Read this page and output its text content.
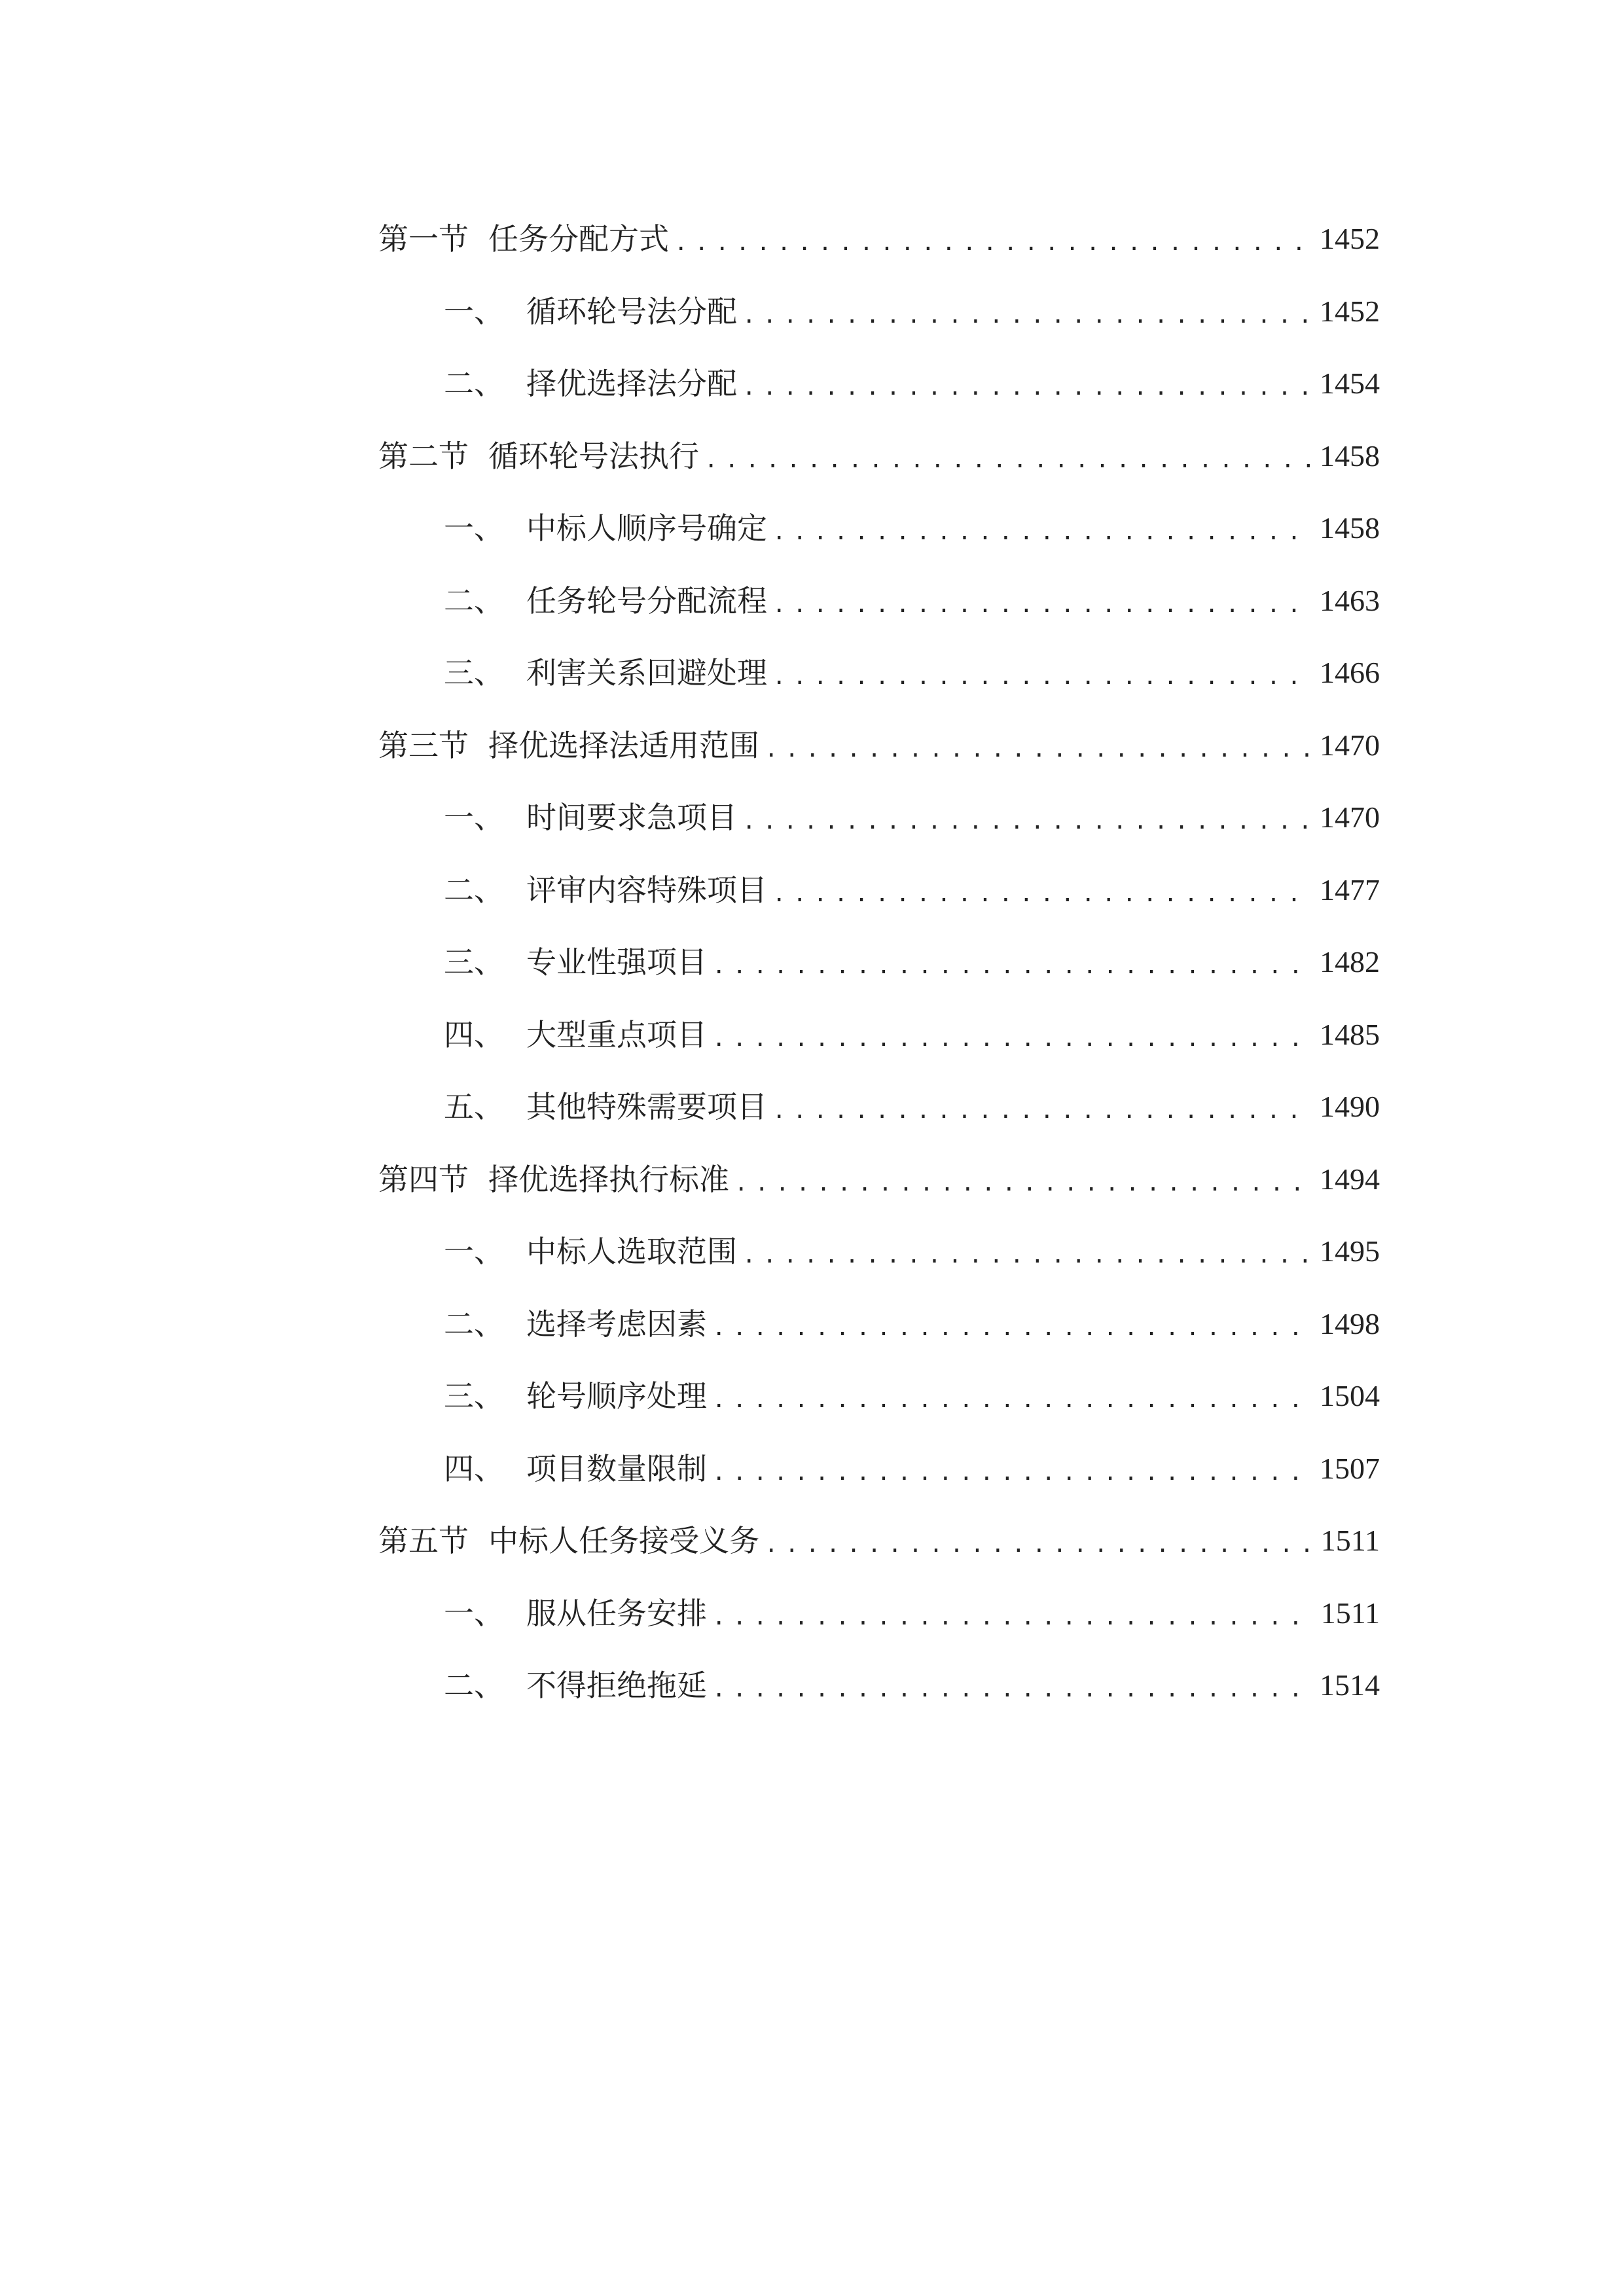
第一节 任务分配方式 .....	1452
一、 循环轮号法分配 .....	1452
二、 择优选择法分配 .....	1454
第二节 循环轮号法执行 .....	1458
一、 中标人顺序号确定 .....	1458
二、 任务轮号分配流程 .....	1463
三、 利害关系回避处理 .....	1466
第三节 择优选择法适用范围 .....	1470
一、 时间要求急项目 .....	1470
二、 评审内容特殊项目 .....	1477
三、 专业性强项目 .....	1482
四、 大型重点项目 .....	1485
五、 其他特殊需要项目 .....	1490
第四节 择优选择执行标准 .....	1494
一、 中标人选取范围 .....	1495
二、 选择考虑因素 .....	1498
三、 轮号顺序处理 .....	1504
四、 项目数量限制 .....	1507
第五节 中标人任务接受义务 .....	1511
一、 服从任务安排 .....	1511
二、 不得拒绝拖延 .....	1514
